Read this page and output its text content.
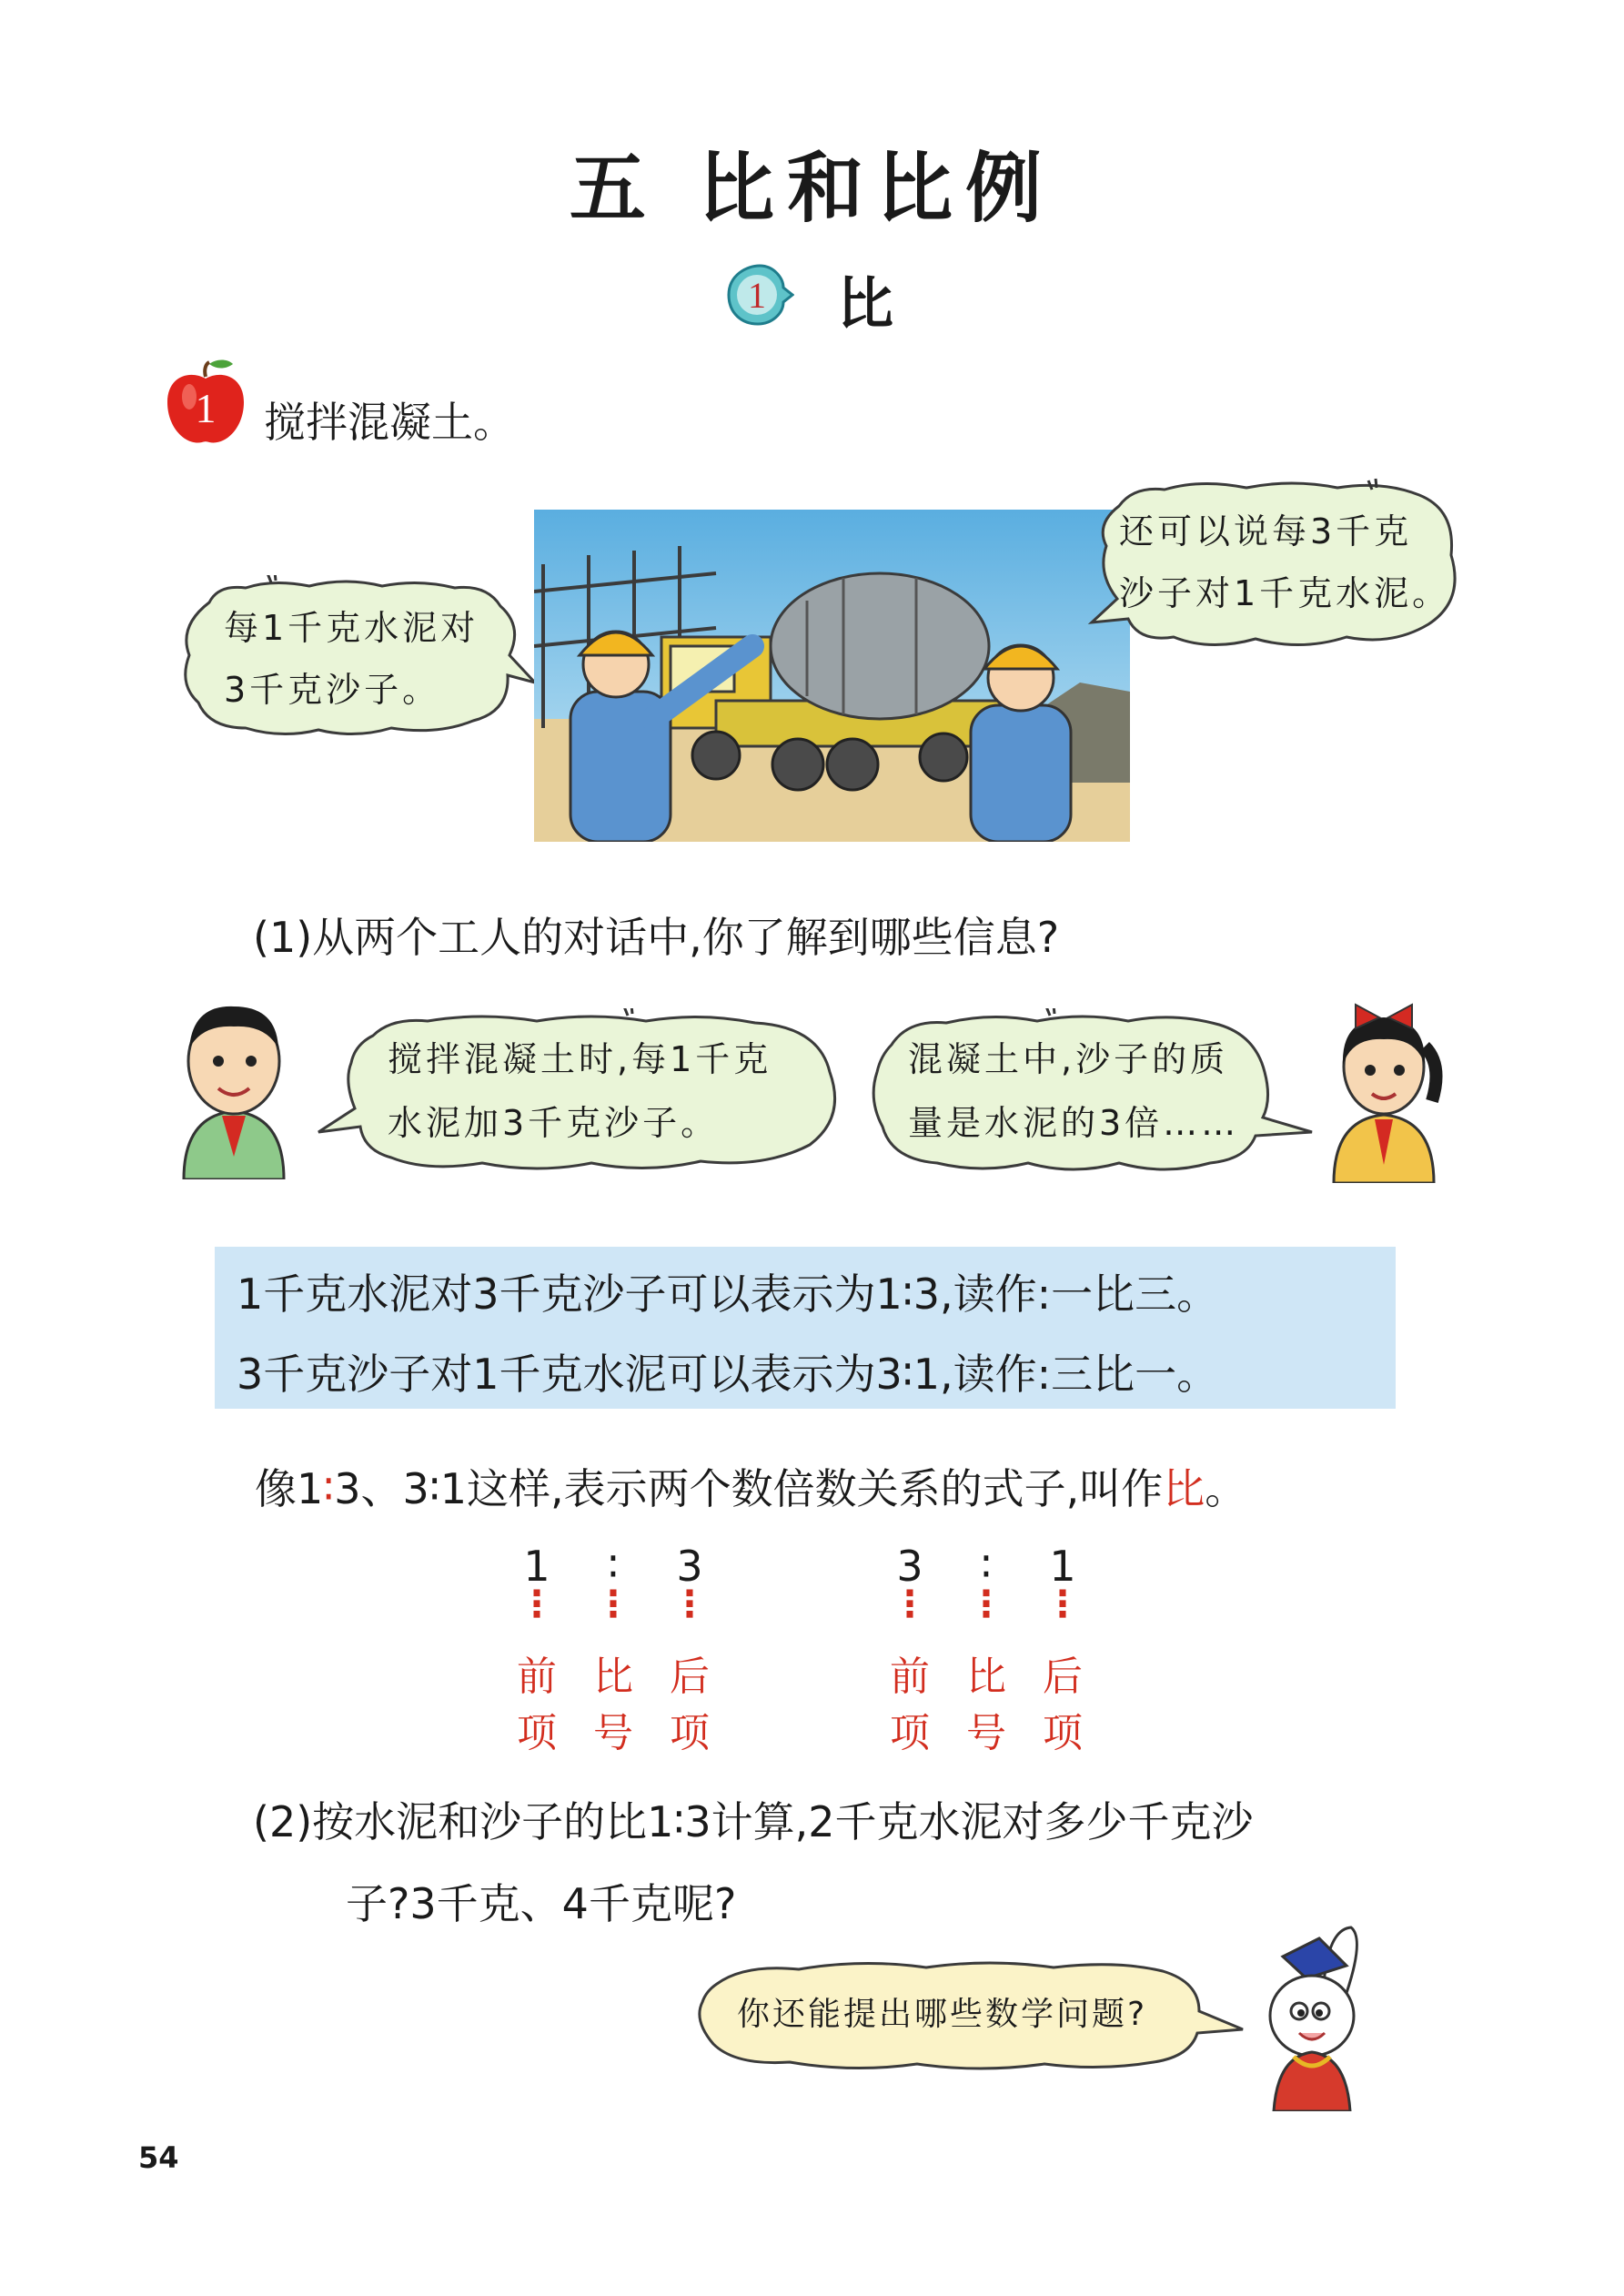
五 比和比例
1 比
1 搅拌混凝土。
每1千克水泥对
3千克沙子。
还可以说每3千克
沙子对1千克水泥。
(1)从两个工人的对话中,你了解到哪些信息?
搅拌混凝土时,每1千克
水泥加3千克沙子。
混凝土中,沙子的质
量是水泥的3倍……
1千克水泥对3千克沙子可以表示为1∶3,读作:一比三。
3千克沙子对1千克水泥可以表示为3∶1,读作:三比一。
像1∶3、3∶1这样,表示两个数倍数关系的式子,叫作比。
1
⋮
前
项
∶
⋮
比
号
3
⋮
后
项
3
⋮
前
项
∶
⋮
比
号
1
⋮
后
项
(2)按水泥和沙子的比1∶3计算,2千克水泥对多少千克沙
子?3千克、4千克呢?
你还能提出哪些数学问题?
54
